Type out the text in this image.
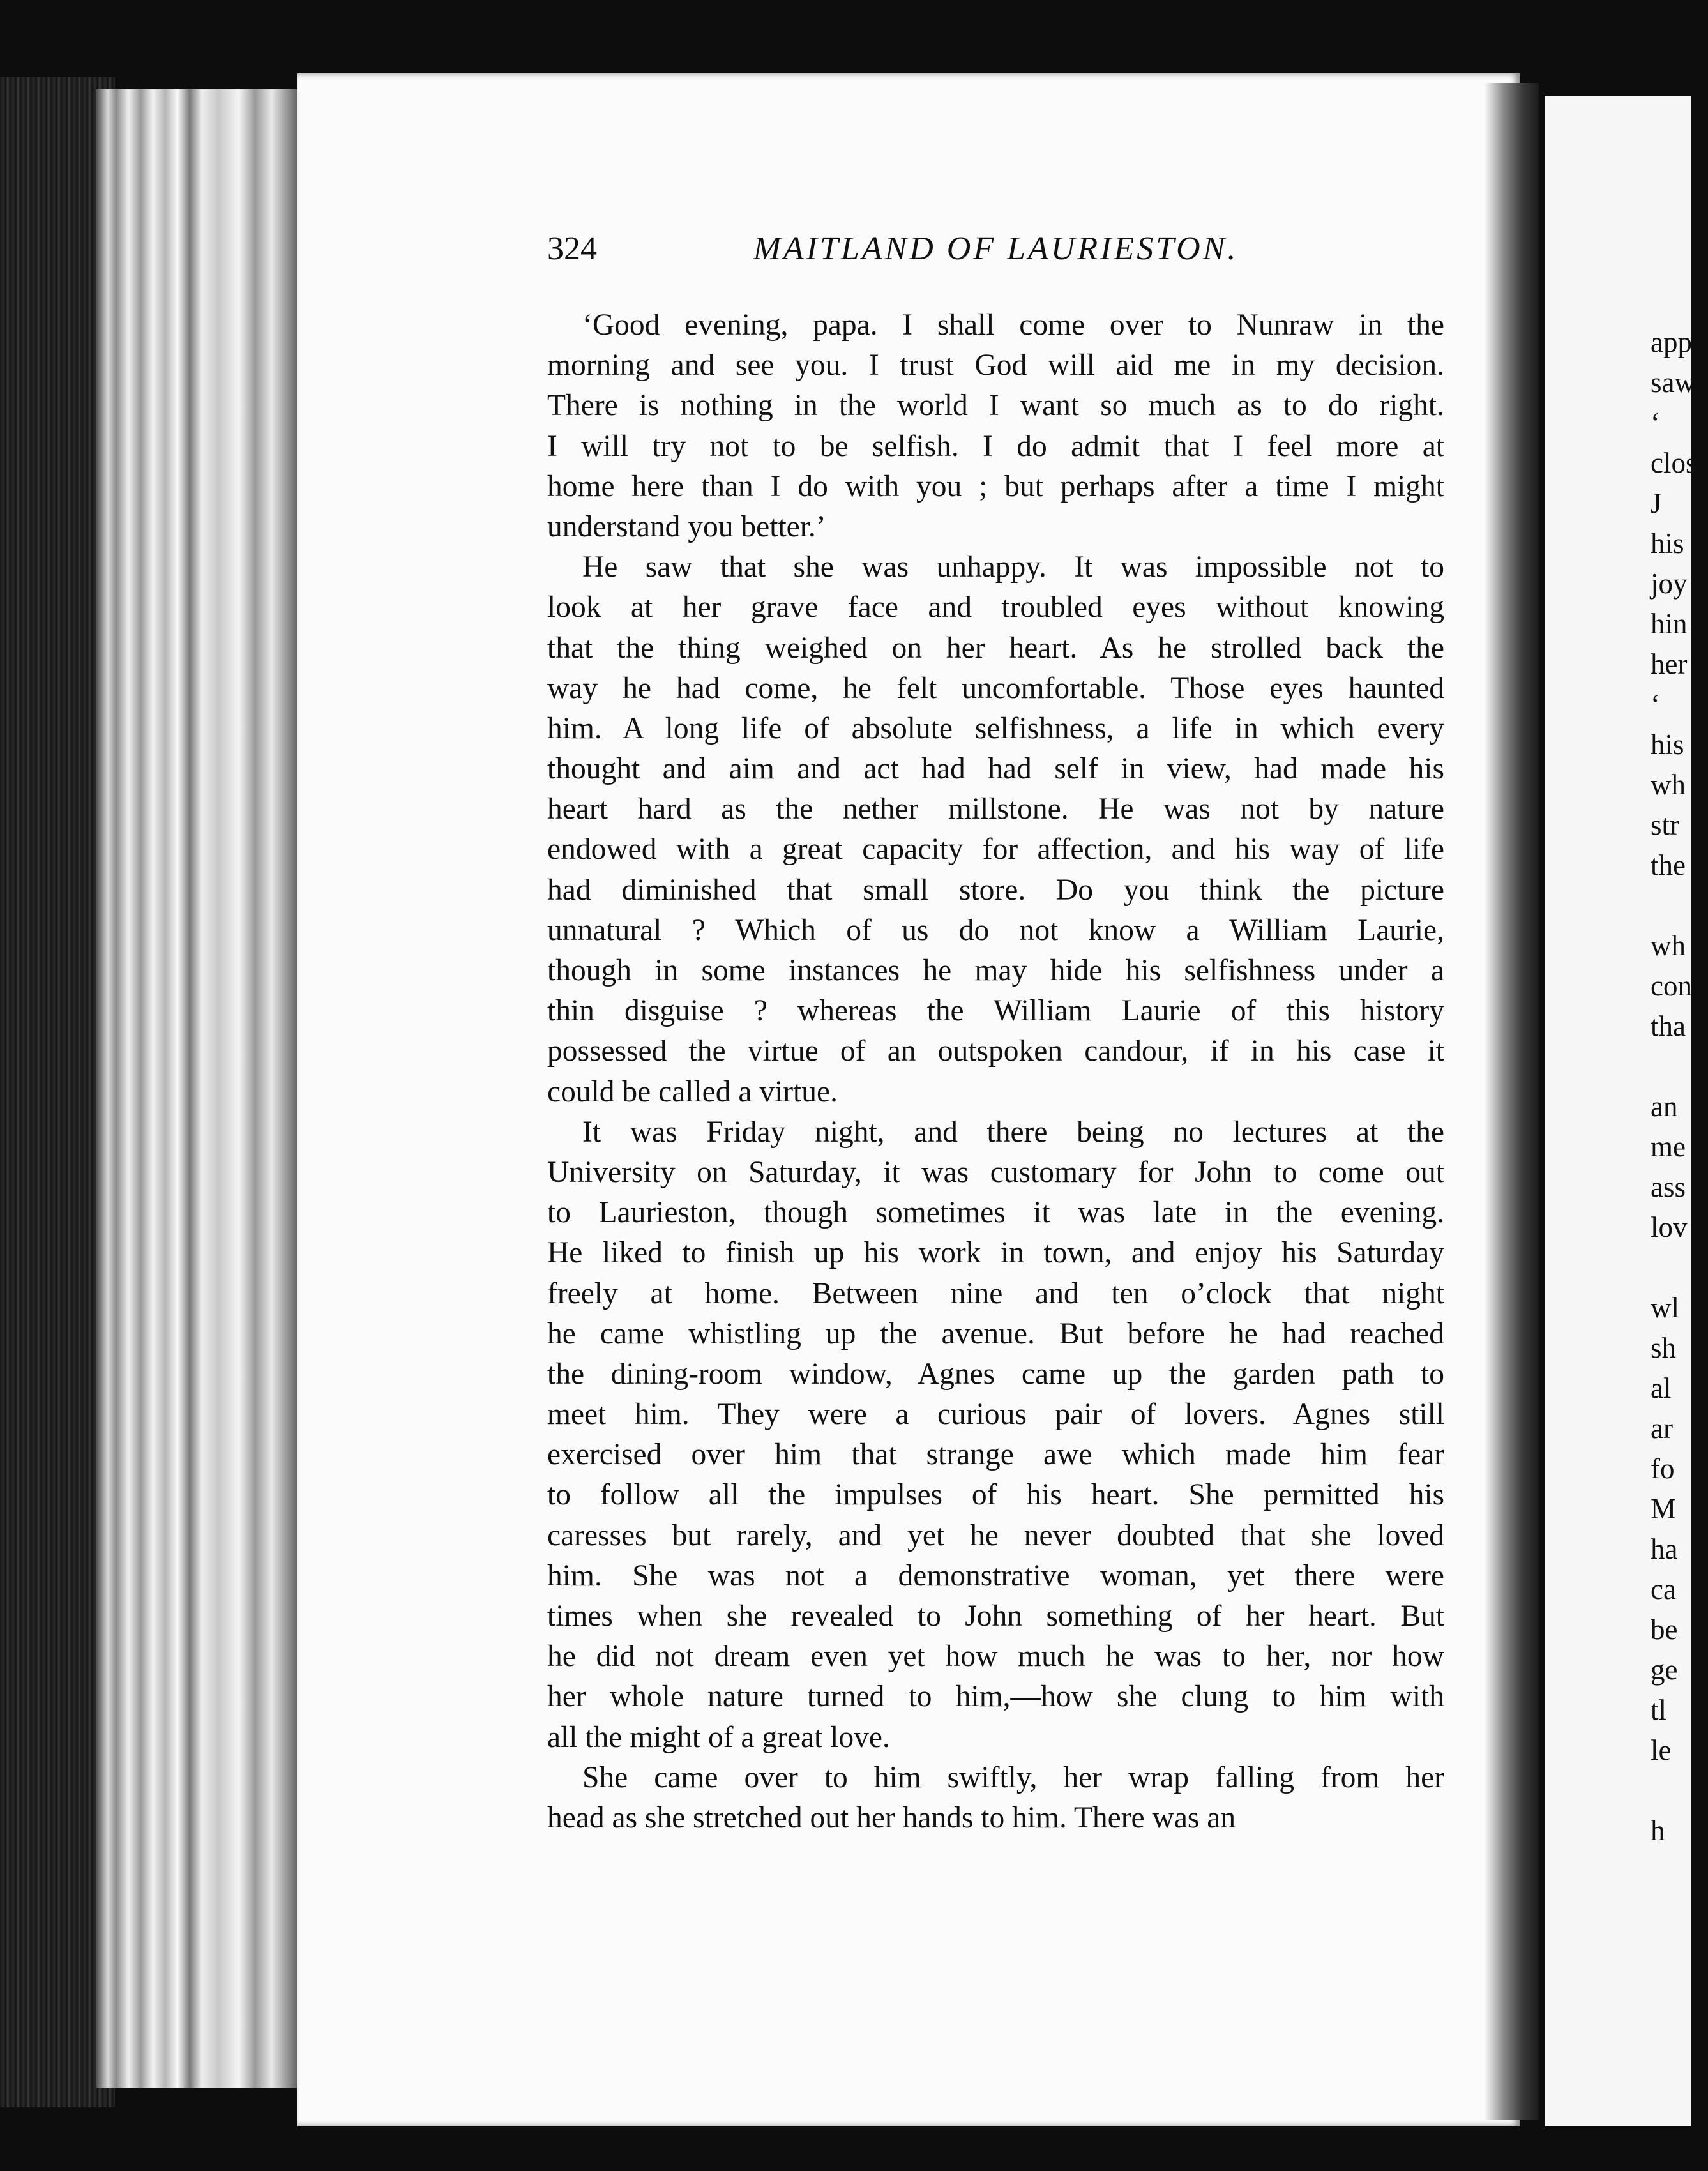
324	MAITLAND OF LAURIESTON.
‘Good evening, papa. I shall come over to Nunraw in the
morning and see you. I trust God will aid me in my decision.
There is nothing in the world I want so much as to do right.
I will try not to be selfish. I do admit that I feel more at
home here than I do with you ; but perhaps after a time I might
understand you better.’
He saw that she was unhappy. It was impossible not to
look at her grave face and troubled eyes without knowing
that the thing weighed on her heart. As he strolled back the
way he had come, he felt uncomfortable. Those eyes haunted
him. A long life of absolute selfishness, a life in which every
thought and aim and act had had self in view, had made his
heart hard as the nether millstone. He was not by nature
endowed with a great capacity for affection, and his way of life
had diminished that small store. Do you think the picture
unnatural ? Which of us do not know a William Laurie,
though in some instances he may hide his selfishness under a
thin disguise ? whereas the William Laurie of this history
possessed the virtue of an outspoken candour, if in his case it
could be called a virtue.
It was Friday night, and there being no lectures at the
University on Saturday, it was customary for John to come out
to Laurieston, though sometimes it was late in the evening.
He liked to finish up his work in town, and enjoy his Saturday
freely at home. Between nine and ten o’clock that night
he came whistling up the avenue. But before he had reached
the dining-room window, Agnes came up the garden path to
meet him. They were a curious pair of lovers. Agnes still
exercised over him that strange awe which made him fear
to follow all the impulses of his heart. She permitted his
caresses but rarely, and yet he never doubted that she loved
him. She was not a demonstrative woman, yet there were
times when she revealed to John something of her heart. But
he did not dream even yet how much he was to her, nor how
her whole nature turned to him,—how she clung to him with
all the might of a great love.
She came over to him swiftly, her wrap falling from her
head as she stretched out her hands to him. There was an
app
saw
‘
clos
J
his
joy
hin
her
‘
his
wh
str
the
wh
con
tha
an
me
ass
lov
wl
sh
al
ar
fo
M
ha
ca
be
ge
tl
le
h
